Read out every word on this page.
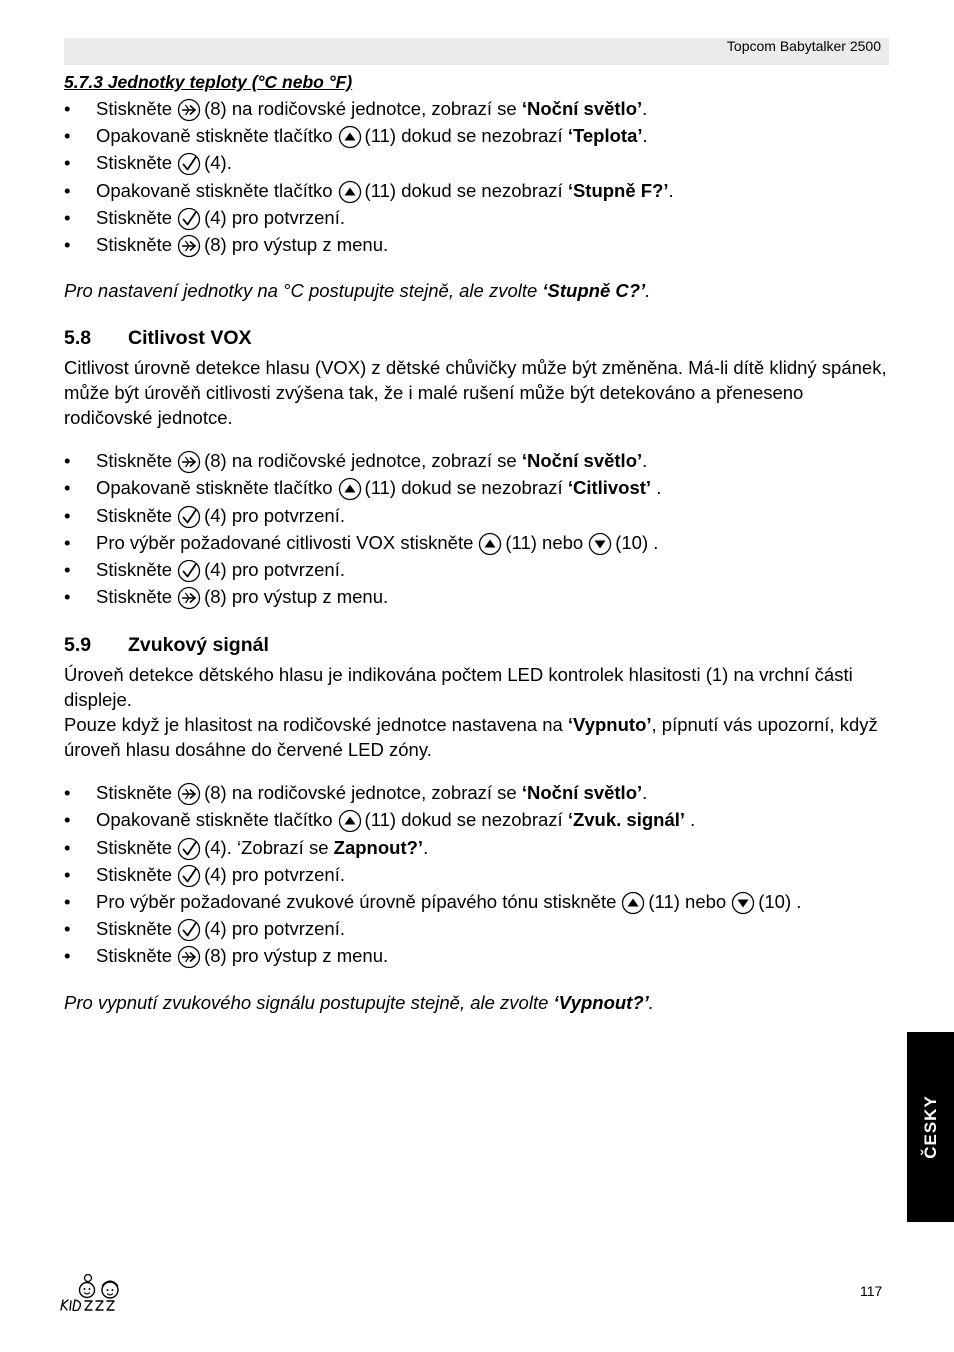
Topcom Babytalker 2500
5.7.3 Jednotky teploty (°C nebo °F)
• Stiskněte (8) na rodičovské jednotce, zobrazí se ‘Noční světlo’.
• Opakovaně stiskněte tlačítko (11) dokud se nezobrazí ‘Teplota’.
• Stiskněte (4).
• Opakovaně stiskněte tlačítko (11) dokud se nezobrazí ‘Stupně F?’.
• Stiskněte (4) pro potvrzení.
• Stiskněte (8) pro výstup z menu.
Pro nastavení jednotky na °C postupujte stejně, ale zvolte ‘Stupně C?’.
5.8 Citlivost VOX
Citlivost úrovně detekce hlasu (VOX) z dětské chůvičky může být změněna. Má-li dítě klidný spánek, může být úrověň citlivosti zvýšena tak, že i malé rušení může být detekováno a přeneseno rodičovské jednotce.
• Stiskněte (8) na rodičovské jednotce, zobrazí se ‘Noční světlo’.
• Opakovaně stiskněte tlačítko (11) dokud se nezobrazí ‘Citlivost’ .
• Stiskněte (4) pro potvrzení.
• Pro výběr požadované citlivosti VOX stiskněte (11) nebo (10) .
• Stiskněte (4) pro potvrzení.
• Stiskněte (8) pro výstup z menu.
5.9 Zvukový signál
Úroveň detekce dětského hlasu je indikována počtem LED kontrolek hlasitosti (1) na vrchní části displeje.
Pouze když je hlasitost na rodičovské jednotce nastavena na ‘Vypnuto’, pípnutí vás upozorní, když úroveň hlasu dosáhne do červené LED zóny.
• Stiskněte (8) na rodičovské jednotce, zobrazí se ‘Noční světlo’.
• Opakovaně stiskněte tlačítko (11) dokud se nezobrazí ‘Zvuk. signál’ .
• Stiskněte (4). ‘Zobrazí se Zapnout?’.
• Stiskněte (4) pro potvrzení.
• Pro výběr požadované zvukové úrovně pípavého tónu stiskněte (11) nebo (10) .
• Stiskněte (4) pro potvrzení.
• Stiskněte (8) pro výstup z menu.
Pro vypnutí zvukového signálu postupujte stejně, ale zvolte ‘Vypnout?’.
ČESKY
KIDZZZ
117
